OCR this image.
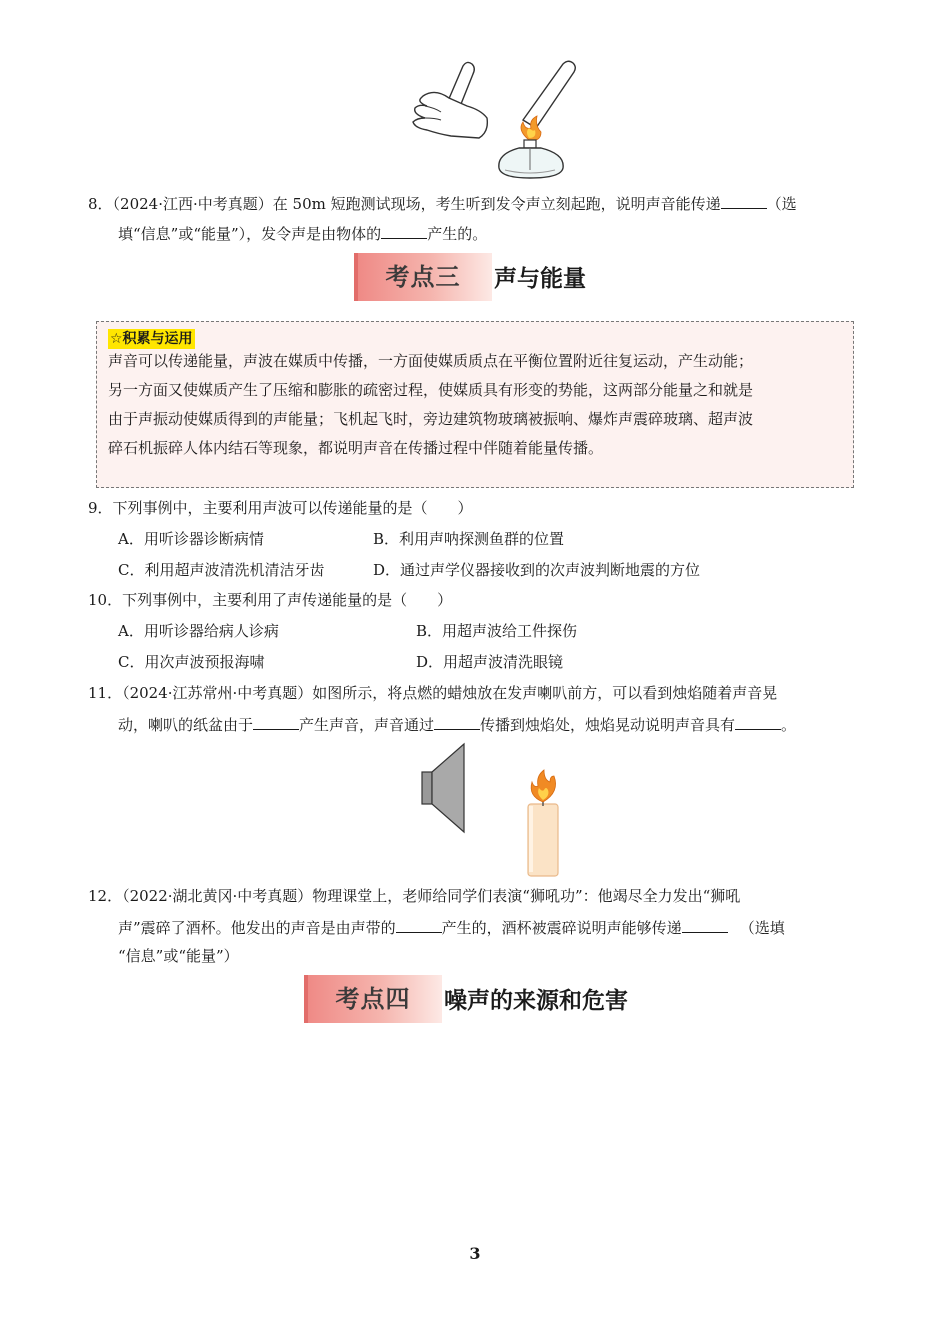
8．（2024·江西·中考真题）在 50m 短跑测试现场，考生听到发令声立刻起跑，说明声音能传递	（选
填“信息”或“能量”），发令声是由物体的	产生的。
考点三	声与能量
☆积累与运用
声音可以传递能量，声波在媒质中传播，一方面使媒质质点在平衡位置附近往复运动，产生动能；
另一方面又使媒质产生了压缩和膨胀的疏密过程，使媒质具有形变的势能，这两部分能量之和就是
由于声振动使媒质得到的声能量；飞机起飞时，旁边建筑物玻璃被振响、爆炸声震碎玻璃、超声波
碎石机振碎人体内结石等现象，都说明声音在传播过程中伴随着能量传播。
9．下列事例中，主要利用声波可以传递能量的是（　　）
A．用听诊器诊断病情	B．利用声呐探测鱼群的位置
C．利用超声波清洗机清洁牙齿	D．通过声学仪器接收到的次声波判断地震的方位
10．下列事例中，主要利用了声传递能量的是（　　）
A．用听诊器给病人诊病	B．用超声波给工件探伤
C．用次声波预报海啸	D．用超声波清洗眼镜
11．（2024·江苏常州·中考真题）如图所示，将点燃的蜡烛放在发声喇叭前方，可以看到烛焰随着声音晃
动，喇叭的纸盆由于	产生声音，声音通过	传播到烛焰处，烛焰晃动说明声音具有	。
12．（2022·湖北黄冈·中考真题）物理课堂上，老师给同学们表演“狮吼功”：他竭尽全力发出“狮吼
声”震碎了酒杯。他发出的声音是由声带的	产生的，酒杯被震碎说明声能够传递	（选填
“信息”或“能量”）
考点四	噪声的来源和危害
3
